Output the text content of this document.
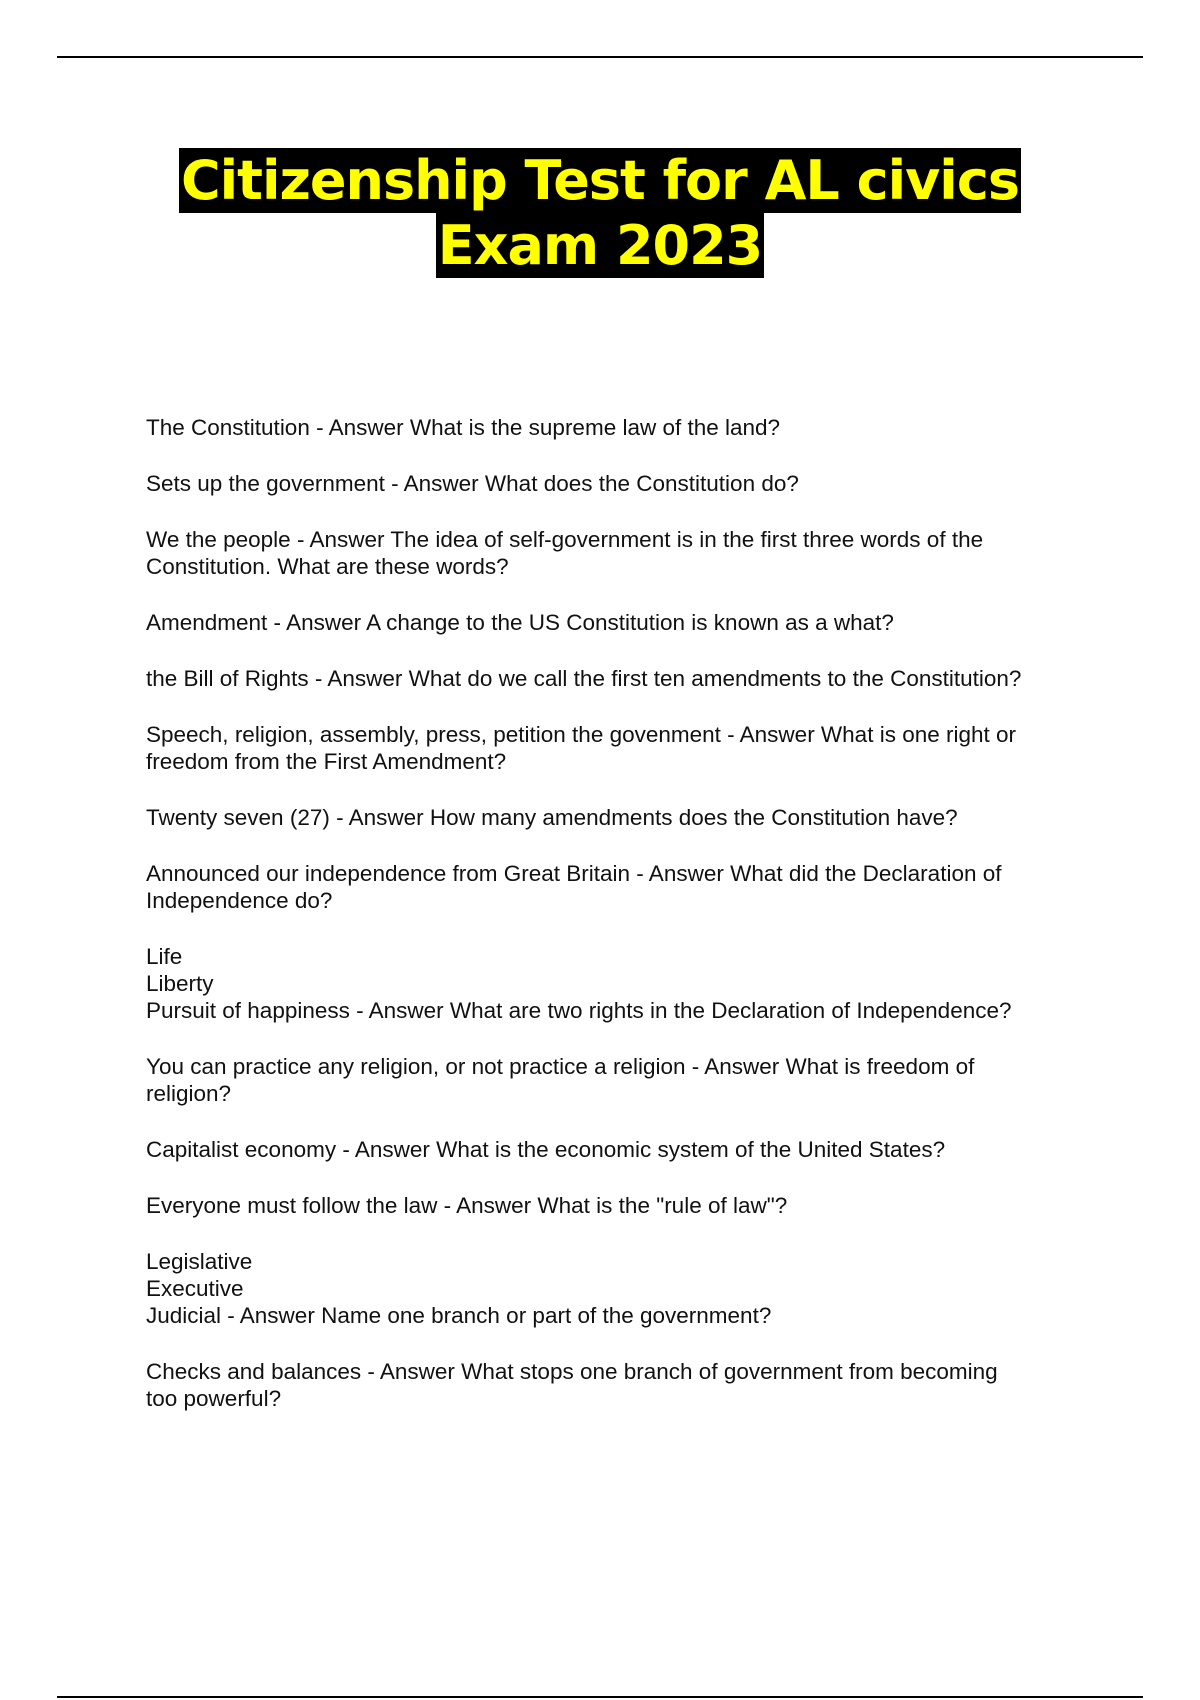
Citizenship Test for AL civics
Exam 2023
The Constitution - Answer What is the supreme law of the land?
Sets up the government - Answer What does the Constitution do?
We the people - Answer The idea of self-government is in the first three words of the
Constitution. What are these words?
Amendment - Answer A change to the US Constitution is known as a what?
the Bill of Rights - Answer What do we call the first ten amendments to the Constitution?
Speech, religion, assembly, press, petition the govenment - Answer What is one right or
freedom from the First Amendment?
Twenty seven (27) - Answer How many amendments does the Constitution have?
Announced our independence from Great Britain - Answer What did the Declaration of
Independence do?
Life
Liberty
Pursuit of happiness - Answer What are two rights in the Declaration of Independence?
You can practice any religion, or not practice a religion - Answer What is freedom of
religion?
Capitalist economy - Answer What is the economic system of the United States?
Everyone must follow the law - Answer What is the "rule of law"?
Legislative
Executive
Judicial - Answer Name one branch or part of the government?
Checks and balances - Answer What stops one branch of government from becoming
too powerful?
